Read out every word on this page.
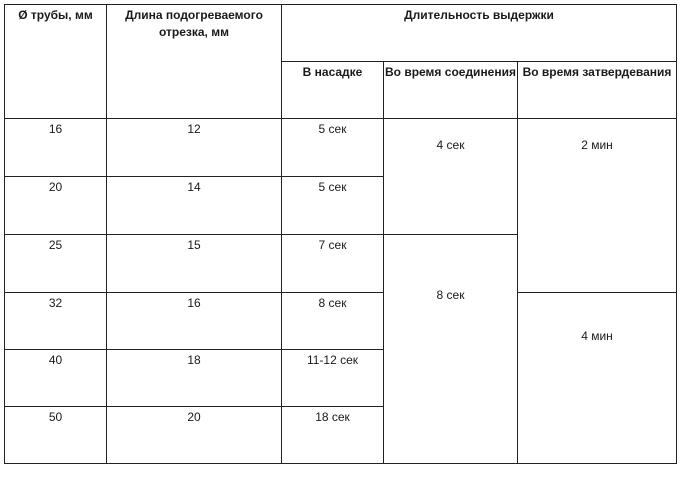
Ø трубы, мм	Длина подогреваемого отрезка, мм	Длительность выдержки		
		В насадке	Во время соединения	Во время затвердевания
16	12	5 сек	4 сек	2 мин
20	14	5 сек		
25	15	7 сек	8 сек	
32	16	8 сек		4 мин
40	18	11-12 сек		
50	20	18 сек		
